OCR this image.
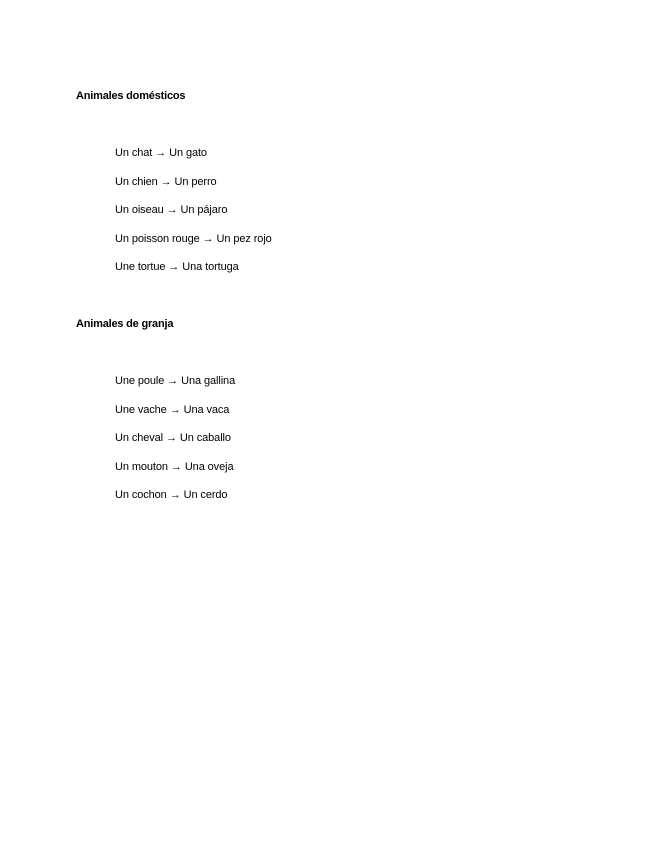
Animales domésticos
Un chat → Un gato
Un chien → Un perro
Un oiseau → Un pájaro
Un poisson rouge → Un pez rojo
Une tortue → Una tortuga
Animales de granja
Une poule → Una gallina
Une vache → Una vaca
Un cheval → Un caballo
Un mouton → Una oveja
Un cochon → Un cerdo
